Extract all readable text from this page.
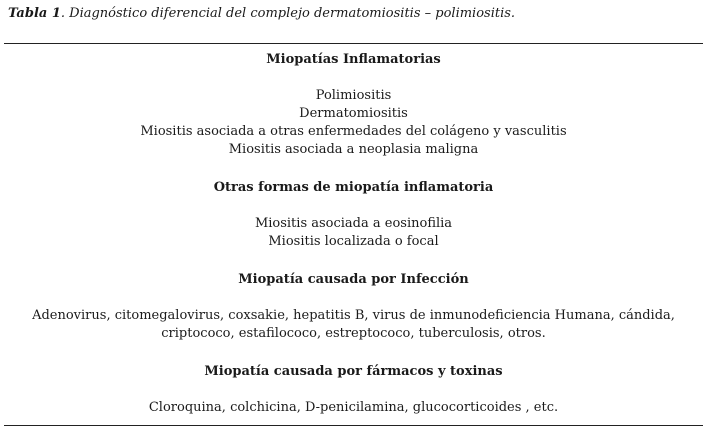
Tabla 1. Diagnóstico diferencial del complejo dermatomiositis – polimiositis.
Miopatías Inflamatorias
Polimiositis
Dermatomiositis
Miositis asociada a otras enfermedades del colágeno y vasculitis
Miositis asociada a neoplasia maligna
Otras formas de miopatía inflamatoria
Miositis asociada a eosinofilia
Miositis localizada o focal
Miopatía causada por Infección
Adenovirus, citomegalovirus, coxsakie, hepatitis B, virus de inmunodeficiencia Humana, cándida,
criptococo, estafilococo, estreptococo, tuberculosis, otros.
Miopatía causada por fármacos y toxinas
Cloroquina, colchicina, D-penicilamina, glucocorticoides , etc.
